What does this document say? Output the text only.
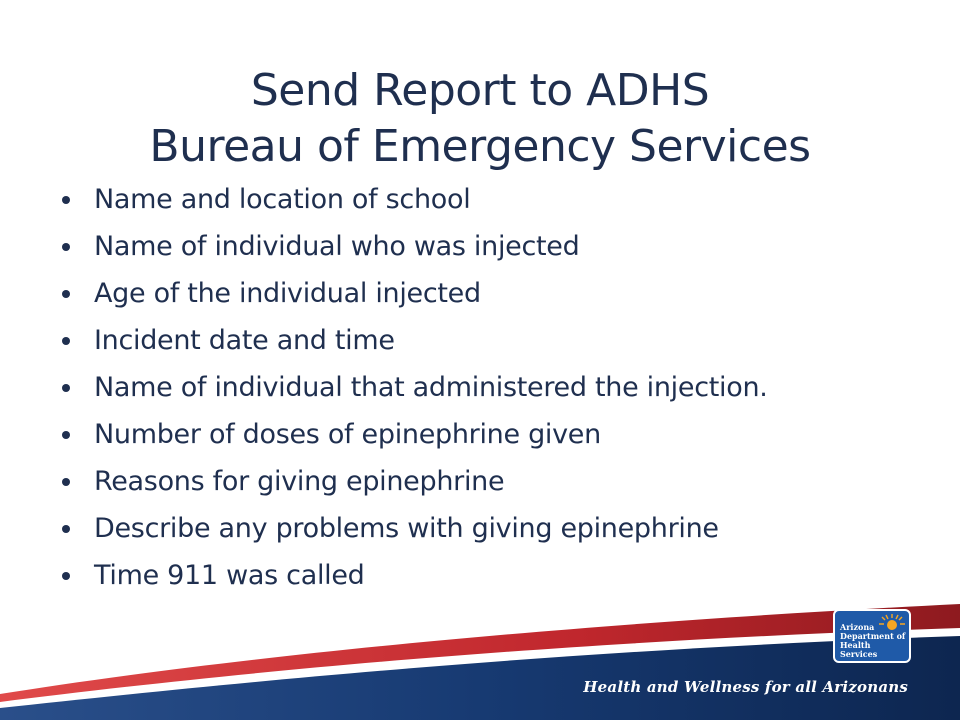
Send Report to ADHS
Bureau of Emergency Services
Name and location of school
Name of individual who was injected
Age of the individual injected
Incident date and time
Name of individual that administered the injection.
Number of doses of epinephrine given
Reasons for giving epinephrine
Describe any problems with giving epinephrine
Time 911 was called
Arizona
Department of
Health Services
Health and Wellness for all Arizonans
